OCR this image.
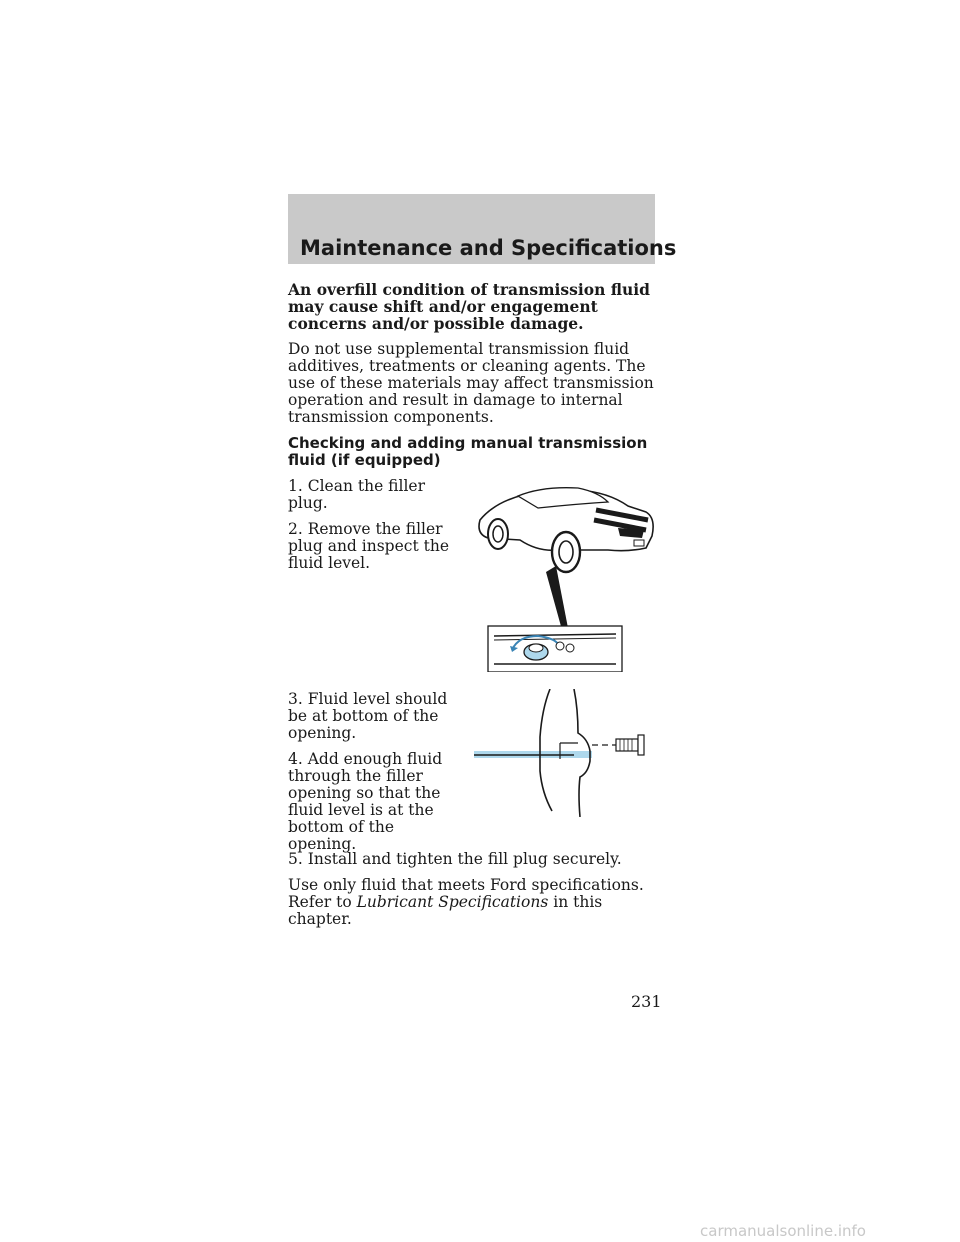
Maintenance and Specifications

An overfill condition of transmission fluid may cause shift and/or engagement concerns and/or possible damage.

Do not use supplemental transmission fluid additives, treatments or cleaning agents. The use of these materials may affect transmission operation and result in damage to internal transmission components.

Checking and adding manual transmission fluid (if equipped)

1. Clean the filler plug.

2. Remove the filler plug and inspect the fluid level.

3. Fluid level should be at bottom of the opening.

4. Add enough fluid through the filler opening so that the fluid level is at the bottom of the opening.

5. Install and tighten the fill plug securely.

Use only fluid that meets Ford specifications. Refer to Lubricant Specifications in this chapter.

231
carmanualsonline.info
